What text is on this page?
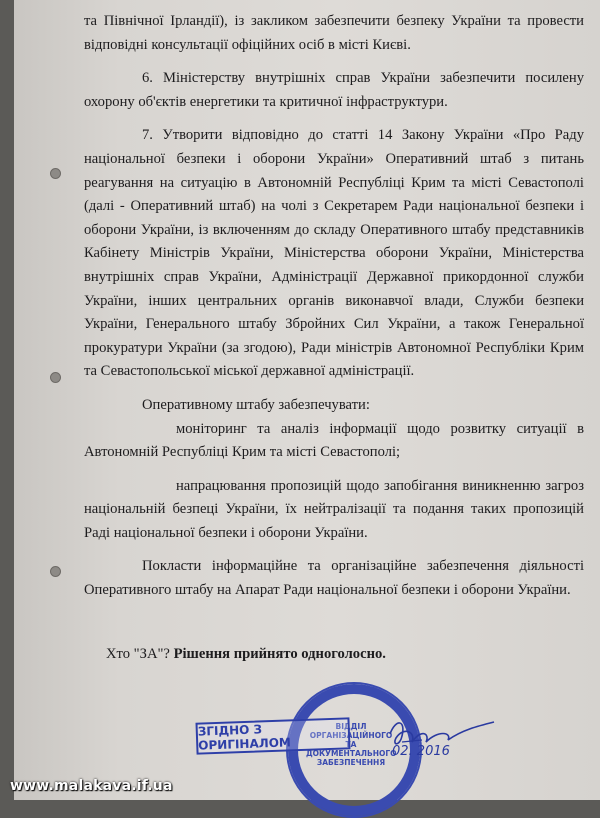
та Північної Ірландії), із закликом забезпечити безпеку України та провести відповідні консультації офіційних осіб в місті Києві.

6. Міністерству внутрішніх справ України забезпечити посилену охорону об'єктів енергетики та критичної інфраструктури.

7. Утворити відповідно до статті 14 Закону України «Про Раду національної безпеки і оборони України» Оперативний штаб з питань реагування на ситуацію в Автономній Республіці Крим та місті Севастополі (далі - Оперативний штаб) на чолі з Секретарем Ради національної безпеки і оборони України, із включенням до складу Оперативного штабу представників Кабінету Міністрів України, Міністерства оборони України, Міністерства внутрішніх справ України, Адміністрації Державної прикордонної служби України, інших центральних органів виконавчої влади, Служби безпеки України, Генерального штабу Збройних Сил України, а також Генеральної прокуратури України (за згодою), Ради міністрів Автономної Республіки Крим та Севастопольської міської державної адміністрації.

Оперативному штабу забезпечувати:

моніторинг та аналіз інформації щодо розвитку ситуації в Автономній Республіці Крим та місті Севастополі;

напрацювання пропозицій щодо запобігання виникненню загроз національній безпеці України, їх нейтралізації та подання таких пропозицій Раді національної безпеки і оборони України.

Покласти інформаційне та організаційне забезпечення діяльності Оперативного штабу на Апарат Ради національної безпеки і оборони України.

Хто "ЗА"? Рішення прийнято одноголосно.
ВІДДІЛ ОРГАНІЗАЦІЙНОГО ТА ДОКУМЕНТАЛЬНОГО ЗАБЕЗПЕЧЕННЯ
ЗГІДНО З ОРИГІНАЛОМ	02. 2016
www.malakava.if.ua
